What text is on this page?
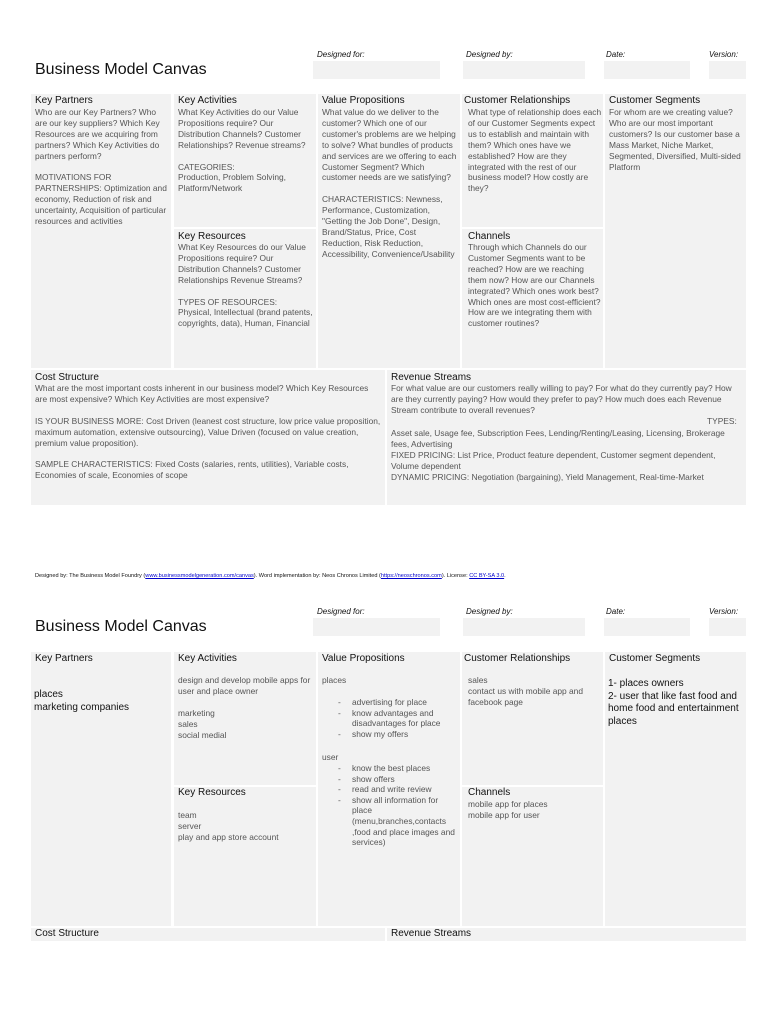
Business Model Canvas
Designed for:	Designed by:	Date:	Version:
Key Partners
Who are our Key Partners? Who are our key suppliers? Which Key Resources are we acquiring from partners? Which Key Activities do partners perform?

MOTIVATIONS FOR PARTNERSHIPS: Optimization and economy, Reduction of risk and uncertainty, Acquisition of particular resources and activities
Key Activities
What Key Activities do our Value Propositions require? Our Distribution Channels? Customer Relationships? Revenue streams?

CATEGORIES:
Production, Problem Solving, Platform/Network
Key Resources
What Key Resources do our Value Propositions require? Our Distribution Channels? Customer Relationships Revenue Streams?

TYPES OF RESOURCES:
Physical, Intellectual (brand patents, copyrights, data), Human, Financial
Value Propositions
What value do we deliver to the customer? Which one of our customer's problems are we helping to solve? What bundles of products and services are we offering to each Customer Segment? Which customer needs are we satisfying?

CHARACTERISTICS: Newness, Performance, Customization, "Getting the Job Done", Design, Brand/Status, Price, Cost Reduction, Risk Reduction, Accessibility, Convenience/Usability
Customer Relationships
What type of relationship does each of our Customer Segments expect us to establish and maintain with them? Which ones have we established? How are they integrated with the rest of our business model? How costly are they?
Channels
Through which Channels do our Customer Segments want to be reached? How are we reaching them now? How are our Channels integrated? Which ones work best? Which ones are most cost-efficient? How are we integrating them with customer routines?
Customer Segments
For whom are we creating value? Who are our most important customers? Is our customer base a Mass Market, Niche Market, Segmented, Diversified, Multi-sided Platform
Cost Structure
What are the most important costs inherent in our business model? Which Key Resources are most expensive? Which Key Activities are most expensive?

IS YOUR BUSINESS MORE: Cost Driven (leanest cost structure, low price value proposition, maximum automation, extensive outsourcing), Value Driven (focused on value creation, premium value proposition).

SAMPLE CHARACTERISTICS: Fixed Costs (salaries, rents, utilities), Variable costs, Economies of scale, Economies of scope
Revenue Streams
For what value are our customers really willing to pay? For what do they currently pay? How are they currently paying? How would they prefer to pay? How much does each Revenue Stream contribute to overall revenues?
TYPES:
Asset sale, Usage fee, Subscription Fees, Lending/Renting/Leasing, Licensing, Brokerage fees, Advertising
FIXED PRICING: List Price, Product feature dependent, Customer segment dependent, Volume dependent
DYNAMIC PRICING: Negotiation (bargaining), Yield Management, Real-time-Market
Designed by: The Business Model Foundry (www.businessmodelgeneration.com/canvas). Word implementation by: Neos Chronos Limited (https://neoschronos.com). License: CC BY-SA 3.0.
Business Model Canvas
Designed for:	Designed by:	Date:	Version:
Key Partners
places
marketing companies
Key Activities
design and develop mobile apps for user and place owner

marketing
sales
social medial
Key Resources
team
server
play and app store account
Value Propositions
places
- advertising for place
- know advantages and disadvantages for place
- show my offers
user
- know the best places
- show offers
- read and write review
- show all information for place (menu,branches,contacts ,food and place images and services)
Customer Relationships
sales
contact us with mobile app and facebook page
Channels
mobile app for places
mobile app for user
Customer Segments
1- places owners
2- user that like fast food and home food and entertainment places
Cost Structure	Revenue Streams
